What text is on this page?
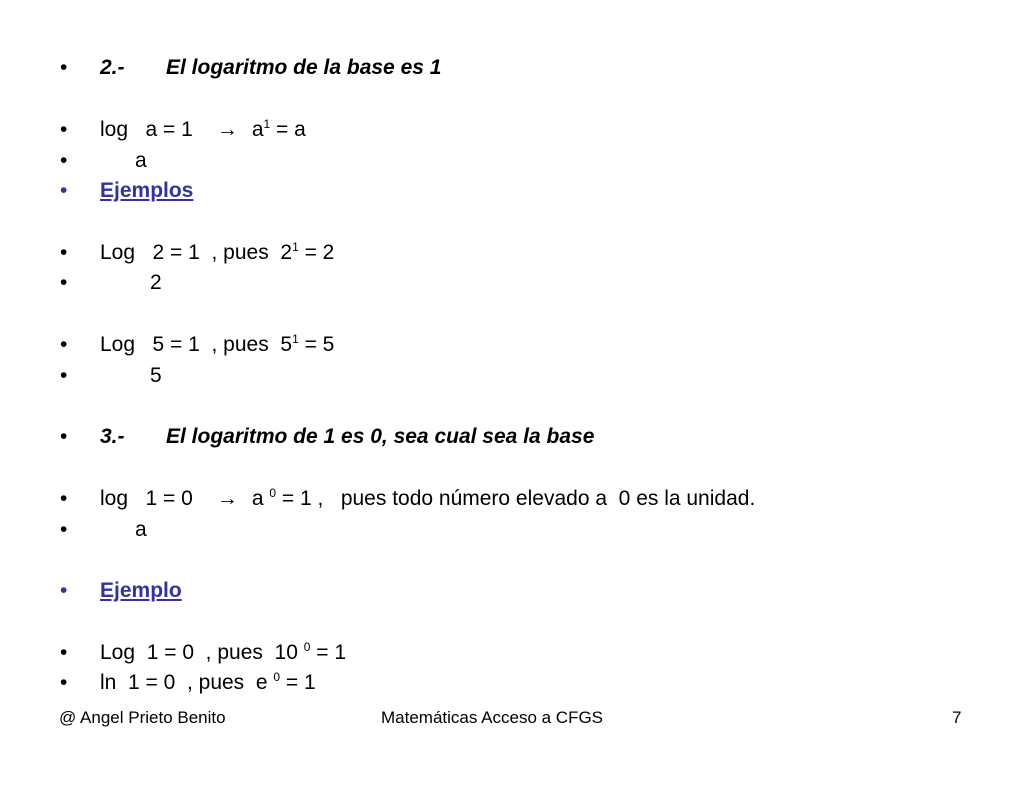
•

2.- El logaritmo de la base es 1

•

$\log a = 1 \to a^1 = a$

•

	a

•

Ejemplos

•

Log   2 = 1  , pues  $2^1 = 2$

•

	2

•

Log   5 = 1  , pues  $5^1 = 5$

•

	5

•

3.- El logaritmo de 1 es 0, sea cual sea la base

•

log   1 = 0 → a $^0$ = 1 ,   pues todo número elevado a  0 es la unidad.

•

	a

•

Ejemplo

•

Log  1 = 0  , pues  10 $^0$ = 1

•

ln  1 = 0  , pues  e $^0$ = 1

@ Angel Prieto Benito	Matemáticas Acceso a CFGS	7
